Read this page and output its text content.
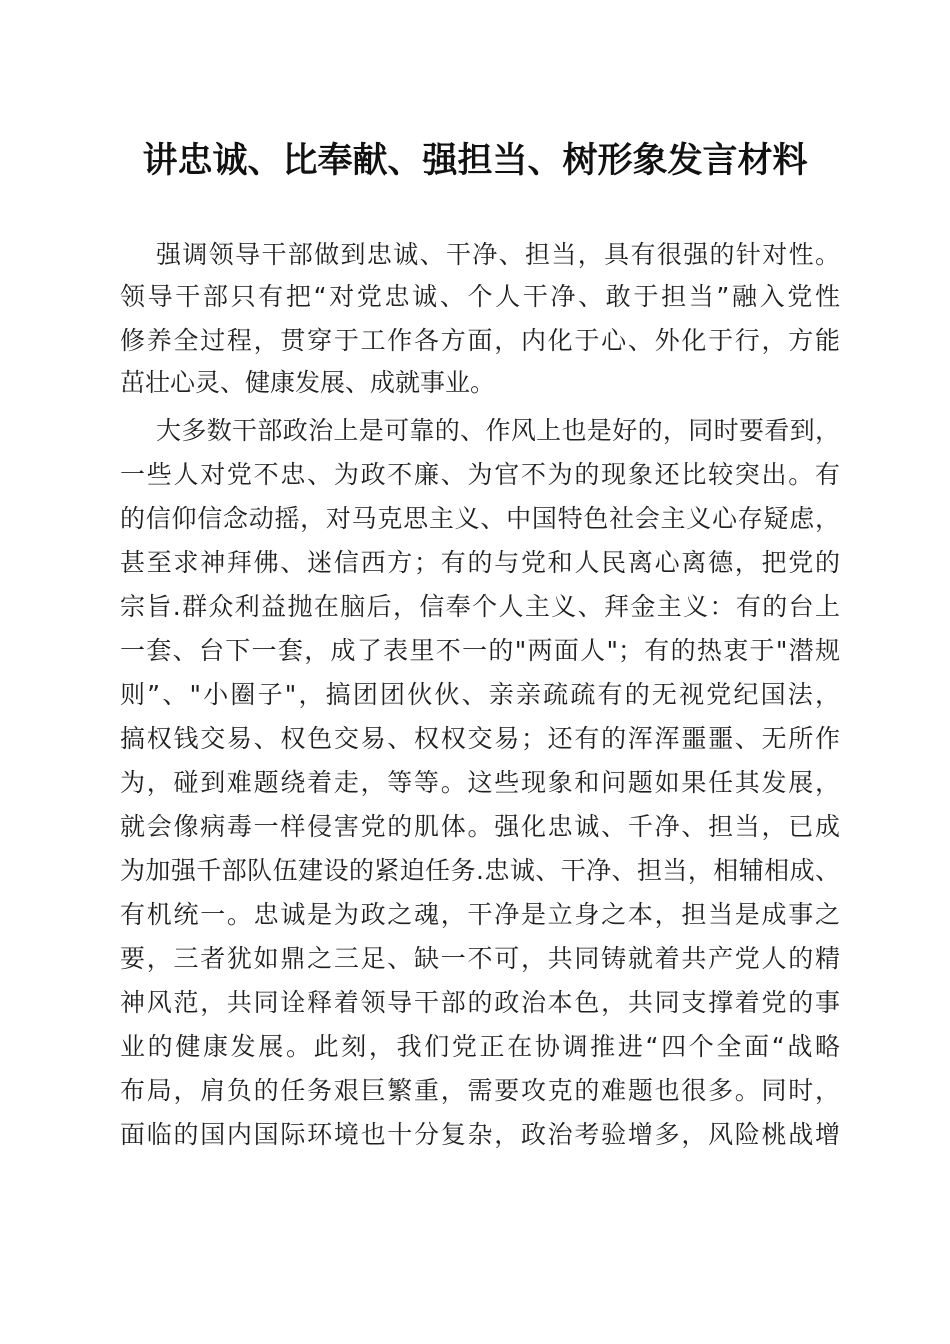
讲忠诚、比奉献、强担当、树形象发言材料

强调领导干部做到忠诚、干净、担当，具有很强的针对性。

领导干部只有把“对党忠诚、个人干净、敢于担当”融入党性

修养全过程，贯穿于工作各方面，内化于心、外化于行，方能

茁壮心灵、健康发展、成就事业。

大多数干部政治上是可靠的、作风上也是好的，同时要看到，

一些人对党不忠、为政不廉、为官不为的现象还比较突出。有

的信仰信念动摇，对马克思主义、中国特色社会主义心存疑虑，

甚至求神拜佛、迷信西方；有的与党和人民离心离德，把党的

宗旨.群众利益抛在脑后，信奉个人主义、拜金主义：有的台上

一套、台下一套，成了表里不一的"两面人"；有的热衷于"潜规

则”、"小圈子"，搞团团伙伙、亲亲疏疏有的无视党纪国法，

搞权钱交易、权色交易、权权交易；还有的浑浑噩噩、无所作

为，碰到难题绕着走，等等。这些现象和问题如果任其发展，

就会像病毒一样侵害党的肌体。强化忠诚、千净、担当，已成

为加强千部队伍建设的紧迫任务.忠诚、干净、担当，相辅相成、

有机统一。忠诚是为政之魂，干净是立身之本，担当是成事之

要，三者犹如鼎之三足、缺一不可，共同铸就着共产党人的精

神风范，共同诠释着领导干部的政治本色，共同支撑着党的事

业的健康发展。此刻，我们党正在协调推进“四个全面“战略

布局，肩负的任务艰巨繁重，需要攻克的难题也很多。同时，

面临的国内国际环境也十分复杂，政治考验增多，风险桃战增
